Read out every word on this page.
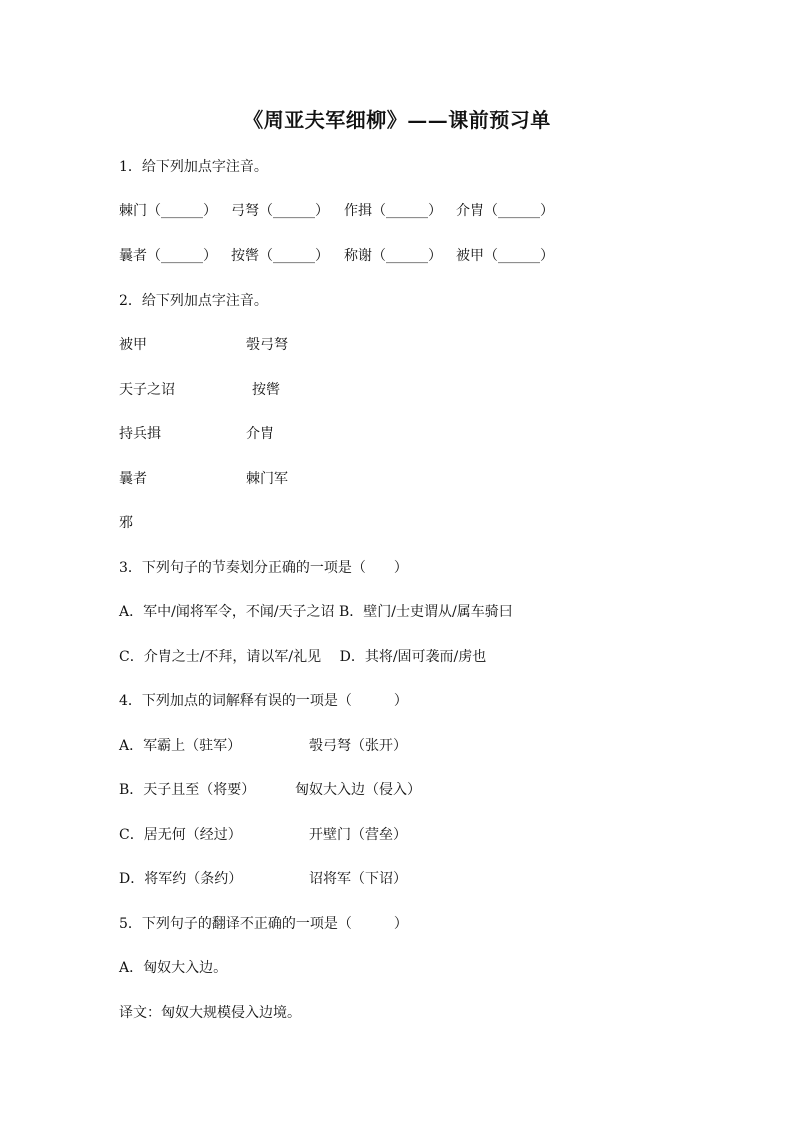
《周亚夫军细柳》——课前预习单
1．给下列加点字注音。
棘门（______） 弓弩（______） 作揖（______） 介胄（______）
曩者（______） 按辔（______） 称谢（______） 被甲（______）
2．给下列加点字注音。
被甲	彀弓弩
天子之诏	按辔
持兵揖	介胄
曩者	棘门军
邪
3．下列句子的节奏划分正确的一项是（　　）
A．军中/闻将军令，不闻/天子之诏 B．壁门/士吏谓从/属车骑曰
C．介胄之士/不拜，请以军/礼见　 D．其将/固可袭而/虏也
4．下列加点的词解释有误的一项是（　　　）
A．军霸上（驻军）	彀弓弩（张开）
B．天子且至（将要）	匈奴大入边（侵入）
C．居无何（经过）	开壁门（营垒）
D．将军约（条约）	诏将军（下诏）
5．下列句子的翻译不正确的一项是（　　　）
A．匈奴大入边。
译文：匈奴大规模侵入边境。
